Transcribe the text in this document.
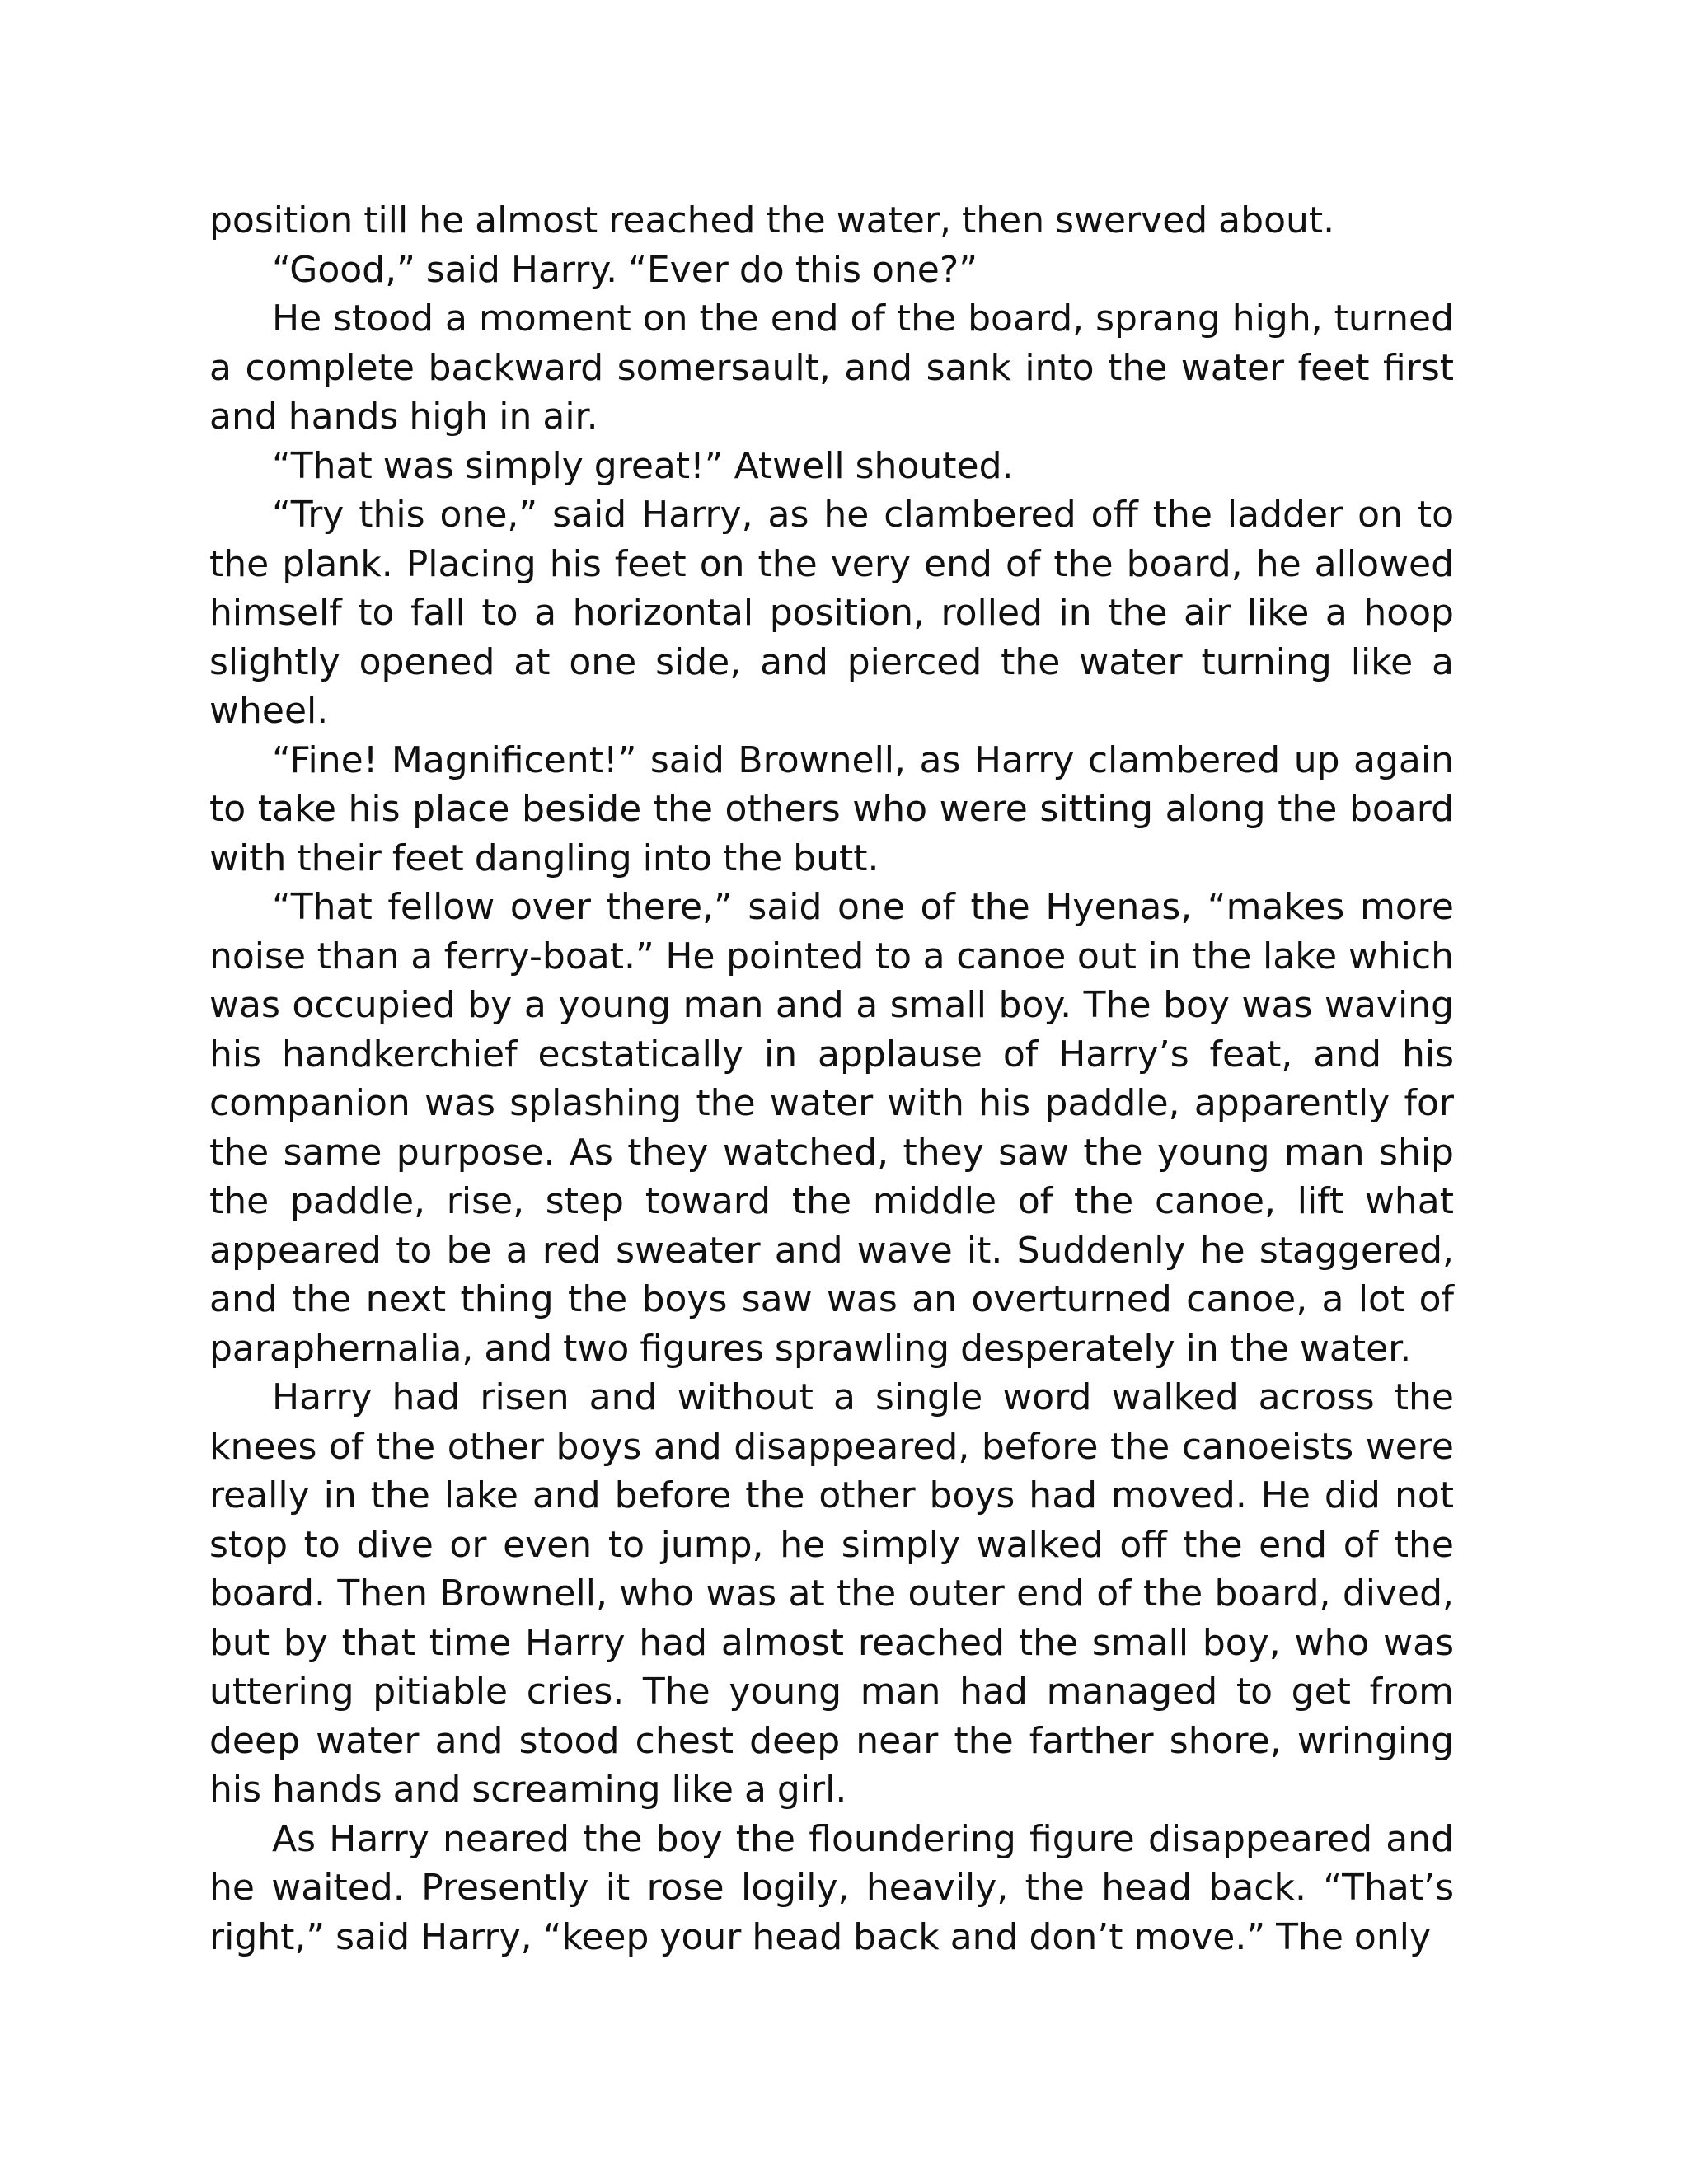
position till he almost reached the water, then swerved about.

“Good,” said Harry. “Ever do this one?”

He stood a moment on the end of the board, sprang high, turned a complete backward somersault, and sank into the water feet first and hands high in air.

“That was simply great!” Atwell shouted.

“Try this one,” said Harry, as he clambered off the ladder on to the plank. Placing his feet on the very end of the board, he allowed himself to fall to a horizontal position, rolled in the air like a hoop slightly opened at one side, and pierced the water turning like a wheel.

“Fine! Magnificent!” said Brownell, as Harry clambered up again to take his place beside the others who were sitting along the board with their feet dangling into the butt.

“That fellow over there,” said one of the Hyenas, “makes more noise than a ferry-boat.” He pointed to a canoe out in the lake which was occupied by a young man and a small boy. The boy was waving his handkerchief ecstatically in applause of Harry’s feat, and his companion was splashing the water with his paddle, apparently for the same purpose. As they watched, they saw the young man ship the paddle, rise, step toward the middle of the canoe, lift what appeared to be a red sweater and wave it. Suddenly he staggered, and the next thing the boys saw was an overturned canoe, a lot of paraphernalia, and two figures sprawling desperately in the water.

Harry had risen and without a single word walked across the knees of the other boys and disappeared, before the canoeists were really in the lake and before the other boys had moved. He did not stop to dive or even to jump, he simply walked off the end of the board. Then Brownell, who was at the outer end of the board, dived, but by that time Harry had almost reached the small boy, who was uttering pitiable cries. The young man had managed to get from deep water and stood chest deep near the farther shore, wringing his hands and screaming like a girl.

As Harry neared the boy the floundering figure disappeared and he waited. Presently it rose logily, heavily, the head back. “That’s right,” said Harry, “keep your head back and don’t move.” The only
